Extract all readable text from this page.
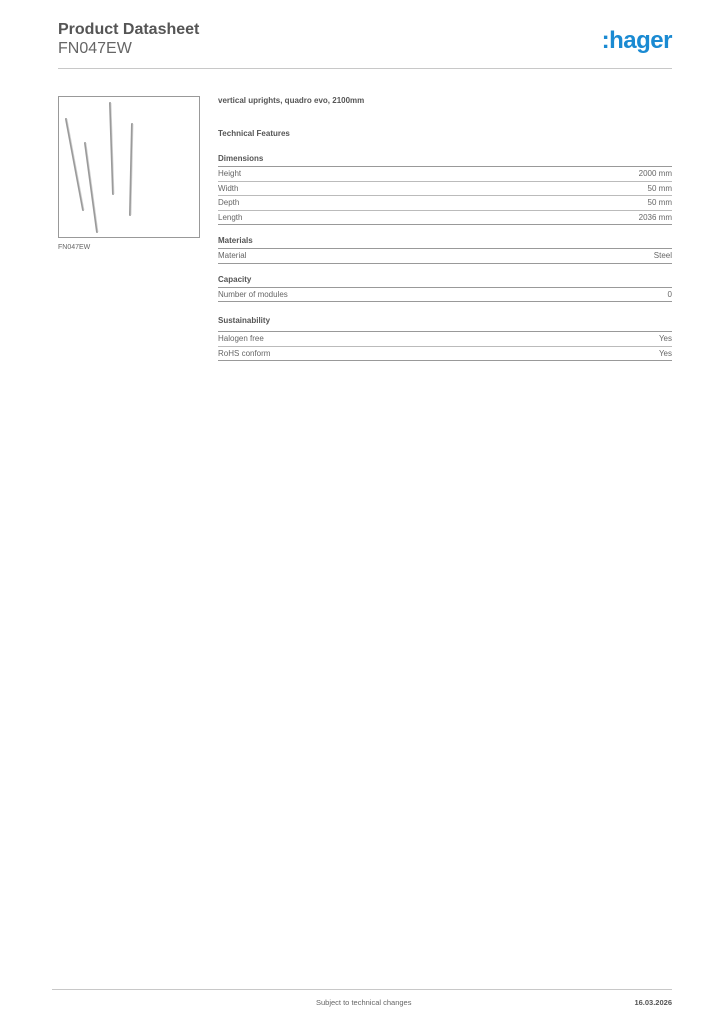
Product Datasheet
FN047EW	:hager
FN047EW
vertical uprights, quadro evo, 2100mm
Technical Features
Dimensions
Height	2000 mm
Width	50 mm
Depth	50 mm
Length	2036 mm
Materials
Material	Steel
Capacity
Number of modules	0
Sustainability
Halogen free	Yes
RoHS conform	Yes
Subject to technical changes	16.03.2026
